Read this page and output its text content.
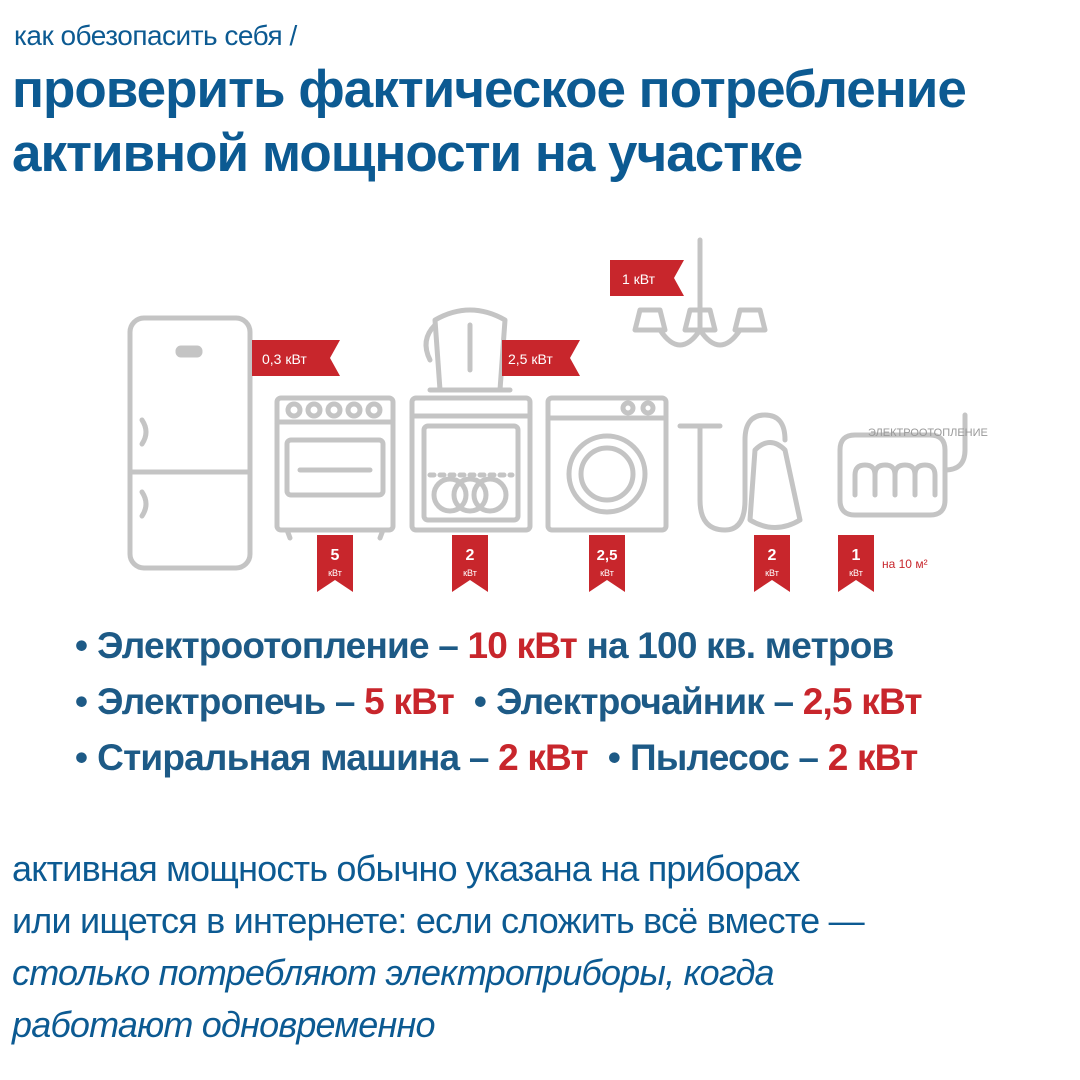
как обезопасить себя /
проверить фактическое потребление
активной мощности на участке
0,3 кВт	2,5 кВт
1 кВт
5
кВт
2
кВт
2,5
кВт
2
кВт
1
кВт
на 10 м²
ЭЛЕКТРООТОПЛЕНИЕ
• Электроотопление – 10 кВт на 100 кв. метров
• Электропечь – 5 кВт • Электрочайник – 2,5 кВт
• Стиральная машина – 2 кВт • Пылесос – 2 кВт
активная мощность обычно указана на приборах
или ищется в интернете: если сложить всё вместе —
столько потребляют электроприборы, когда
работают одновременно
